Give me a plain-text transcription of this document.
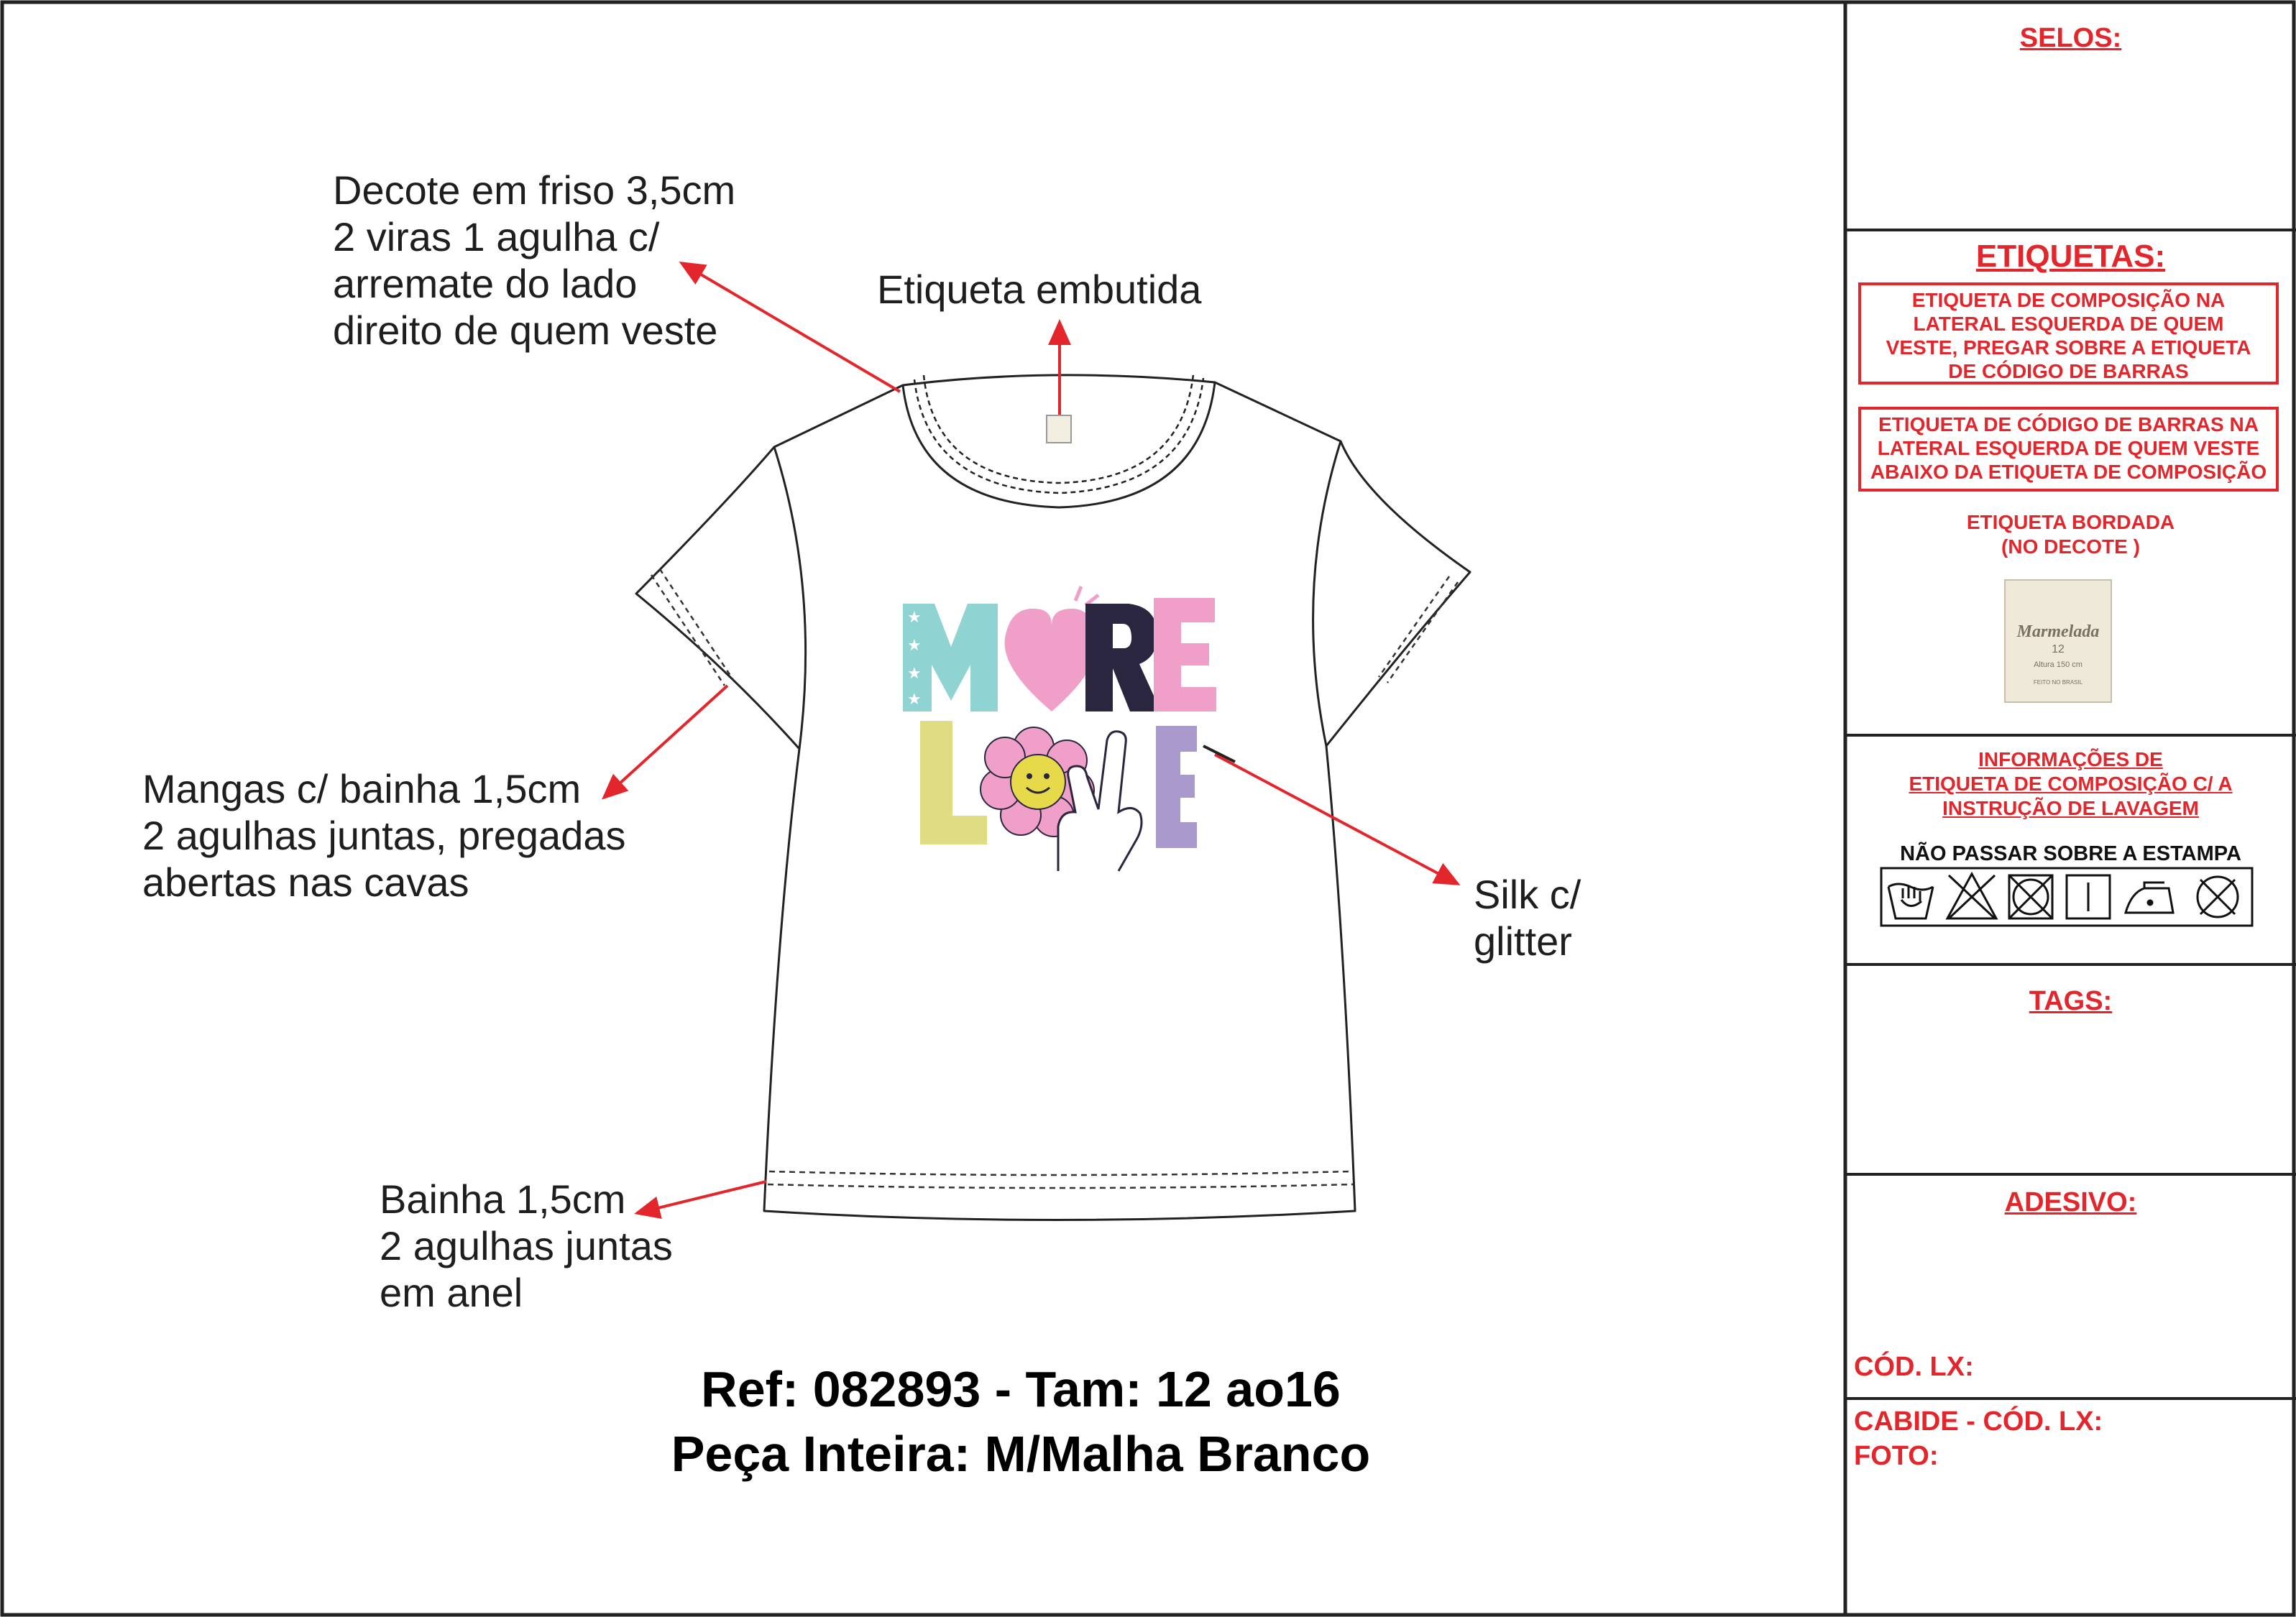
★
★
★
★
Decote em friso 3,5cm
2 viras 1 agulha c/
arremate do lado
direito de quem veste
Etiqueta embutida
Mangas c/ bainha 1,5cm
2 agulhas juntas, pregadas
abertas nas cavas	Silk c/
glitter
Bainha 1,5cm
2 agulhas juntas
em anel
Ref: 082893 - Tam: 12 ao16
Peça Inteira: M/Malha Branco
SELOS:
ETIQUETAS:
ETIQUETA DE COMPOSIÇÃO NA
LATERAL ESQUERDA DE QUEM
VESTE, PREGAR SOBRE A ETIQUETA
DE CÓDIGO DE BARRAS
ETIQUETA DE CÓDIGO DE BARRAS NA
LATERAL ESQUERDA DE QUEM VESTE
ABAIXO DA ETIQUETA DE COMPOSIÇÃO
ETIQUETA BORDADA
(NO DECOTE )
Marmelada
12
Altura 150 cm
FEITO NO BRASIL
INFORMAÇÕES DE
ETIQUETA DE COMPOSIÇÃO C/ A
INSTRUÇÃO DE LAVAGEM
NÃO PASSAR SOBRE A ESTAMPA
TAGS:
ADESIVO:
CÓD. LX:
CABIDE - CÓD. LX:
FOTO:
